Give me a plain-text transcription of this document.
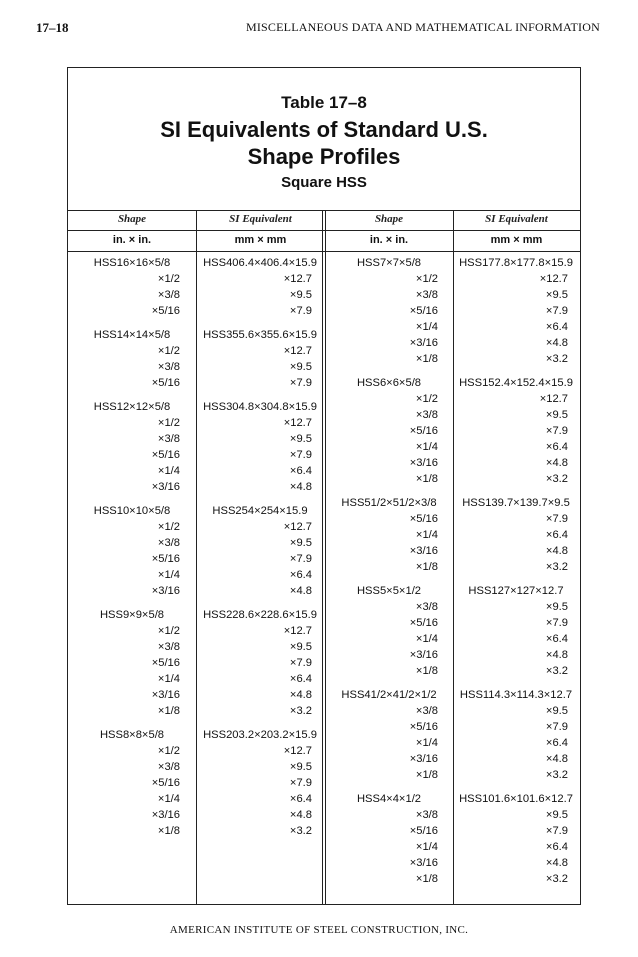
17–18	MISCELLANEOUS DATA AND MATHEMATICAL INFORMATION
Table 17–8
SI Equivalents of Standard U.S.
Shape Profiles
Square HSS
Shape	SI Equivalent	Shape	SI Equivalent
in. × in.	mm × mm	in. × in.	mm × mm
HSS16×16×5/8	HSS406.4×406.4×15.9
×1/2	×12.7
×3/8	×9.5
×5/16	×7.9
HSS14×14×5/8	HSS355.6×355.6×15.9
×1/2	×12.7
×3/8	×9.5
×5/16	×7.9
HSS12×12×5/8	HSS304.8×304.8×15.9
×1/2	×12.7
×3/8	×9.5
×5/16	×7.9
×1/4	×6.4
×3/16	×4.8
HSS10×10×5/8	HSS254×254×15.9
×1/2	×12.7
×3/8	×9.5
×5/16	×7.9
×1/4	×6.4
×3/16	×4.8
HSS9×9×5/8	HSS228.6×228.6×15.9
×1/2	×12.7
×3/8	×9.5
×5/16	×7.9
×1/4	×6.4
×3/16	×4.8
×1/8	×3.2
HSS8×8×5/8	HSS203.2×203.2×15.9
×1/2	×12.7
×3/8	×9.5
×5/16	×7.9
×1/4	×6.4
×3/16	×4.8
×1/8	×3.2
HSS7×7×5/8	HSS177.8×177.8×15.9
×1/2	×12.7
×3/8	×9.5
×5/16	×7.9
×1/4	×6.4
×3/16	×4.8
×1/8	×3.2
HSS6×6×5/8	HSS152.4×152.4×15.9
×1/2	×12.7
×3/8	×9.5
×5/16	×7.9
×1/4	×6.4
×3/16	×4.8
×1/8	×3.2
HSS51/2×51/2×3/8	HSS139.7×139.7×9.5
×5/16	×7.9
×1/4	×6.4
×3/16	×4.8
×1/8	×3.2
HSS5×5×1/2	HSS127×127×12.7
×3/8	×9.5
×5/16	×7.9
×1/4	×6.4
×3/16	×4.8
×1/8	×3.2
HSS41/2×41/2×1/2	HSS114.3×114.3×12.7
×3/8	×9.5
×5/16	×7.9
×1/4	×6.4
×3/16	×4.8
×1/8	×3.2
HSS4×4×1/2	HSS101.6×101.6×12.7
×3/8	×9.5
×5/16	×7.9
×1/4	×6.4
×3/16	×4.8
×1/8	×3.2
AMERICAN INSTITUTE OF STEEL CONSTRUCTION, INC.
